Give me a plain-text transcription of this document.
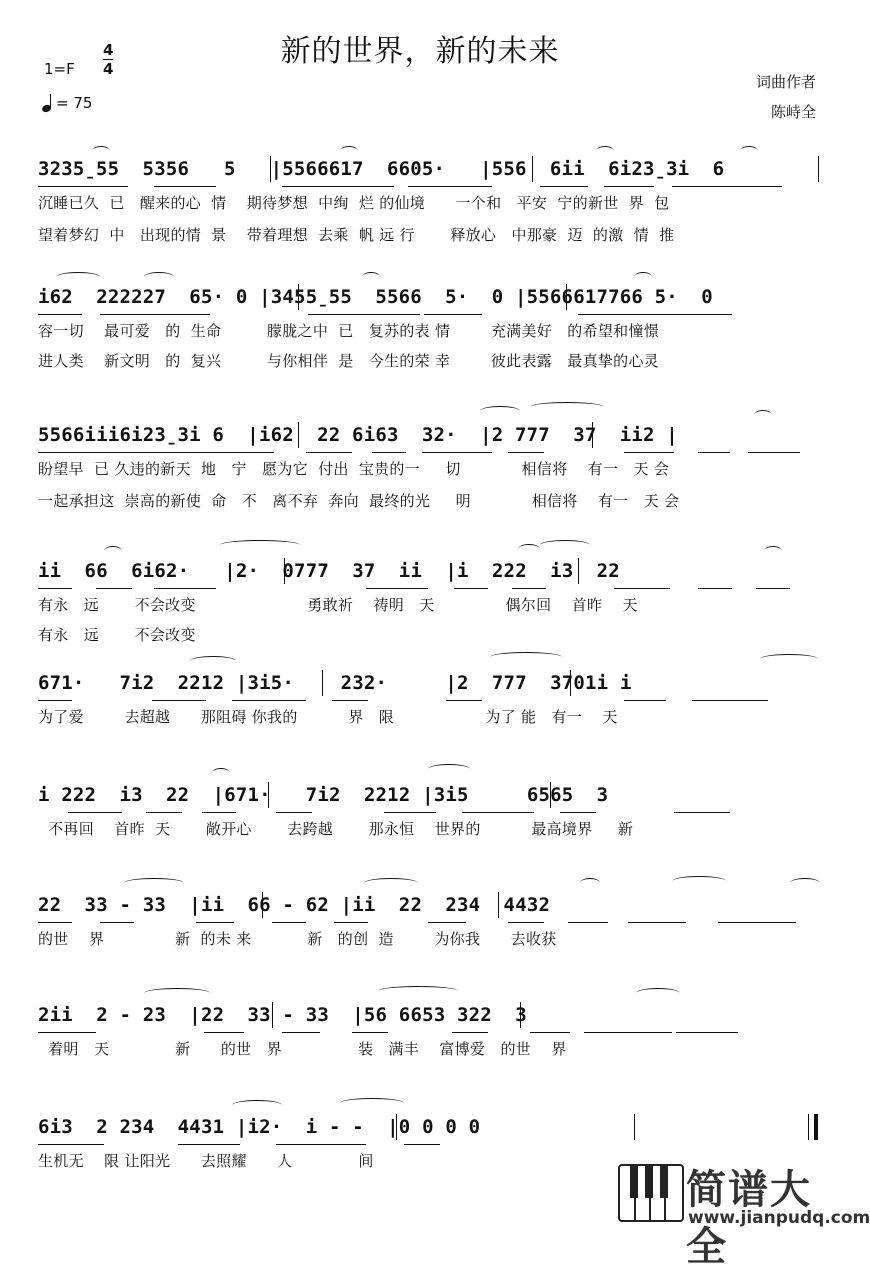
新的世界，新的未来
1=F
4
4
= 75
词曲作者
陈峙全
3235̱55  5356   5   |5566617  6605·   |556  6ii  6i23̱3i  6
沉睡已久  已   醒来的心  情    期待梦想  中绚  烂 的仙境      一个和   平安  宁的新世  界  包
望着梦幻  中   出现的情  景    带着理想  去乘  帆 远 行       释放心   中那豪  迈  的激  情  推
i62  222227  65· 0 |3455̱55  5566  5·  0 |5566617766 5·  0
容一切    最可爱   的  生命         朦胧之中  已   复苏的表 情        充满美好   的希望和憧憬
进人类    新文明   的  复兴         与你相伴  是   今生的荣 幸        彼此表露   最真挚的心灵
5566iii6i23̱3i 6  |i62  22 6i63  32·  |2 777  37  ii2 |
盼望早  已 久违的新天  地   宁   愿为它  付出  宝贵的一     切            相信将    有一   天 会
一起承担这  崇高的新使  命   不   离不弃  奔向  最终的光     明            相信将    有一   天 会
ii  66  6i62·   |2·  0777  37  ii  |i  222  i3  22
有永   远       不会改变                      勇敢祈    祷明   天              偶尔回    首昨    天
有永   远       不会改变
671·   7i2  2212 |3i5·    232·     |2  777  3701i i
为了爱        去超越      那阻碍 你我的          界   限                  为了 能   有一    天
i 222  i3  22  |671·   7i2  2212 |3i5     6565  3
不再回    首昨  天       敞开心       去跨越       那永恒    世界的          最高境界     新
22  33 - 33  |ii  66 - 62 |ii  22  234  4432
的世    界              新  的未 来           新   的创  造        为你我      去收获
2ii  2 - 23  |22  33 - 33  |56 6653 322  3
着明   天             新      的世   界               装   满丰    富博爱   的世    界
6i3  2 234  4431 |i2·  i - -  |0 0 0 0
生机无    限 让阳光      去照耀      人             间
简谱大全
www.jianpudq.com
